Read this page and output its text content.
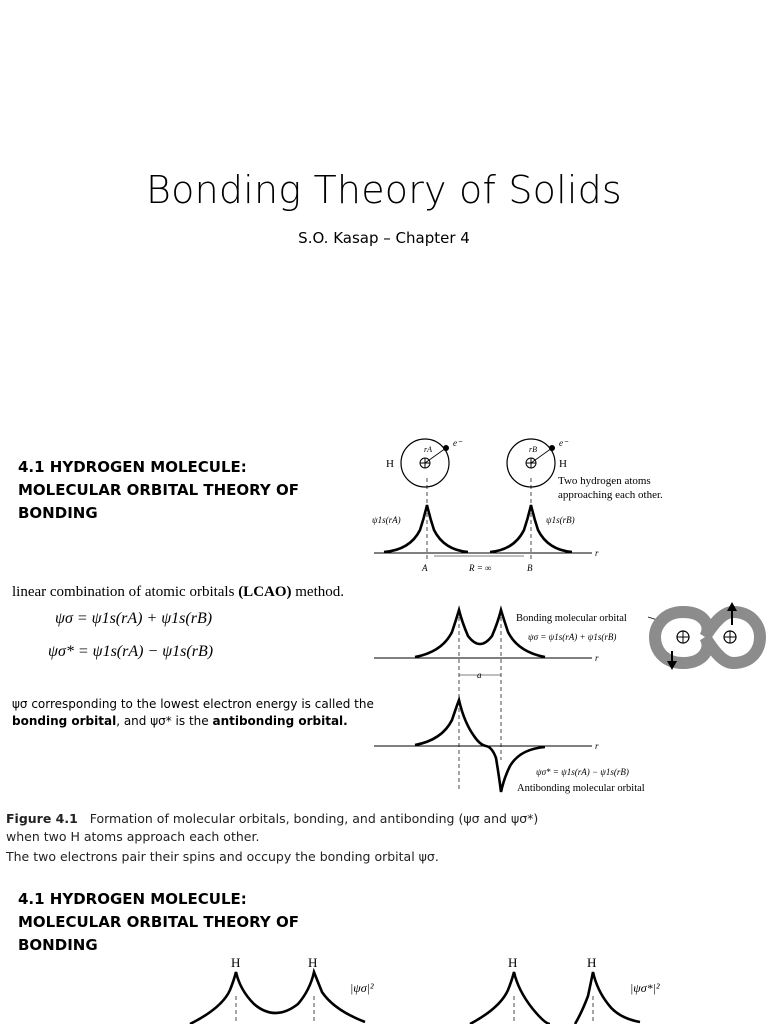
Bonding Theory of Solids
S.O. Kasap – Chapter 4
4.1 HYDROGEN MOLECULE:
MOLECULAR ORBITAL THEORY OF
BONDING
linear combination of atomic orbitals (LCAO) method.
ψσ = ψ1s(rA) + ψ1s(rB)
ψσ* = ψ1s(rA) − ψ1s(rB)
ψσ corresponding to the lowest electron energy is called the
bonding orbital, and ψσ* is the antibonding orbital.
Figure 4.1 Formation of molecular orbitals, bonding, and antibonding (ψσ and ψσ*)
when two H atoms approach each other.
The two electrons pair their spins and occupy the bonding orbital ψσ.
H	H
e⁻	e⁻
rA	rB
Two hydrogen atoms
approaching each other.
r
ψ1s(rA)	ψ1s(rB)
A	R = ∞	B
r
a
Bonding molecular orbital
ψσ = ψ1s(rA) + ψ1s(rB)
r
ψσ* = ψ1s(rA) − ψ1s(rB)
Antibonding molecular orbital
H	H	H	H
|ψσ|²	|ψσ*|²
4.1 HYDROGEN MOLECULE:
MOLECULAR ORBITAL THEORY OF
BONDING
